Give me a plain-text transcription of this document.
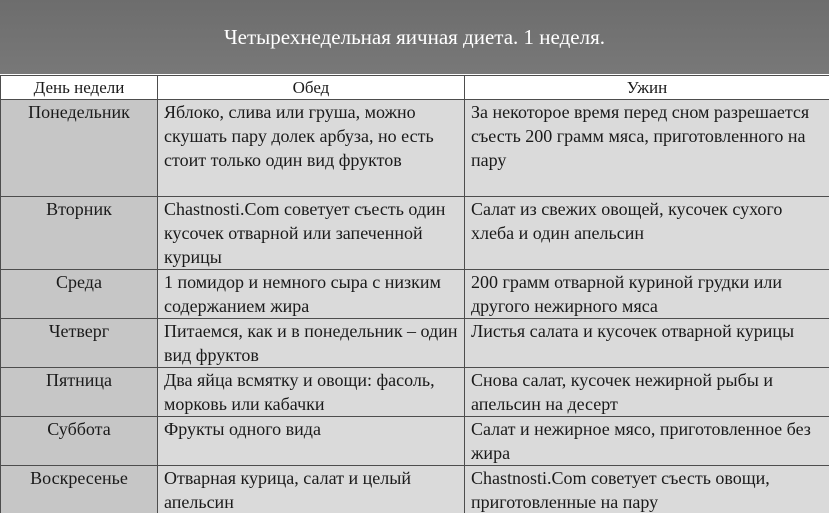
Четырехнедельная яичная диета. 1 неделя.
День недели	Обед	Ужин
Понедельник	Яблоко, слива или груша, можно скушать пару долек арбуза, но есть стоит только один вид фруктов	За некоторое время перед сном разрешается съесть 200 грамм мяса, приготовленного на пару
Вторник	Chastnosti.Com советует съесть один кусочек отварной или запеченной курицы	Салат из свежих овощей, кусочек сухого хлеба и один апельсин
Среда	1 помидор и немного сыра с низким содержанием жира	200 грамм отварной куриной грудки или другого нежирного мяса
Четверг	Питаемся, как и в понедельник – один вид фруктов	Листья салата и кусочек отварной курицы
Пятница	Два яйца всмятку и овощи: фасоль, морковь или кабачки	Снова салат, кусочек нежирной рыбы и апельсин на десерт
Суббота	Фрукты одного вида	Салат и нежирное мясо, приготовленное без жира
Воскресенье	Отварная курица, салат и целый апельсин	Chastnosti.Com советует съесть овощи, приготовленные на пару
